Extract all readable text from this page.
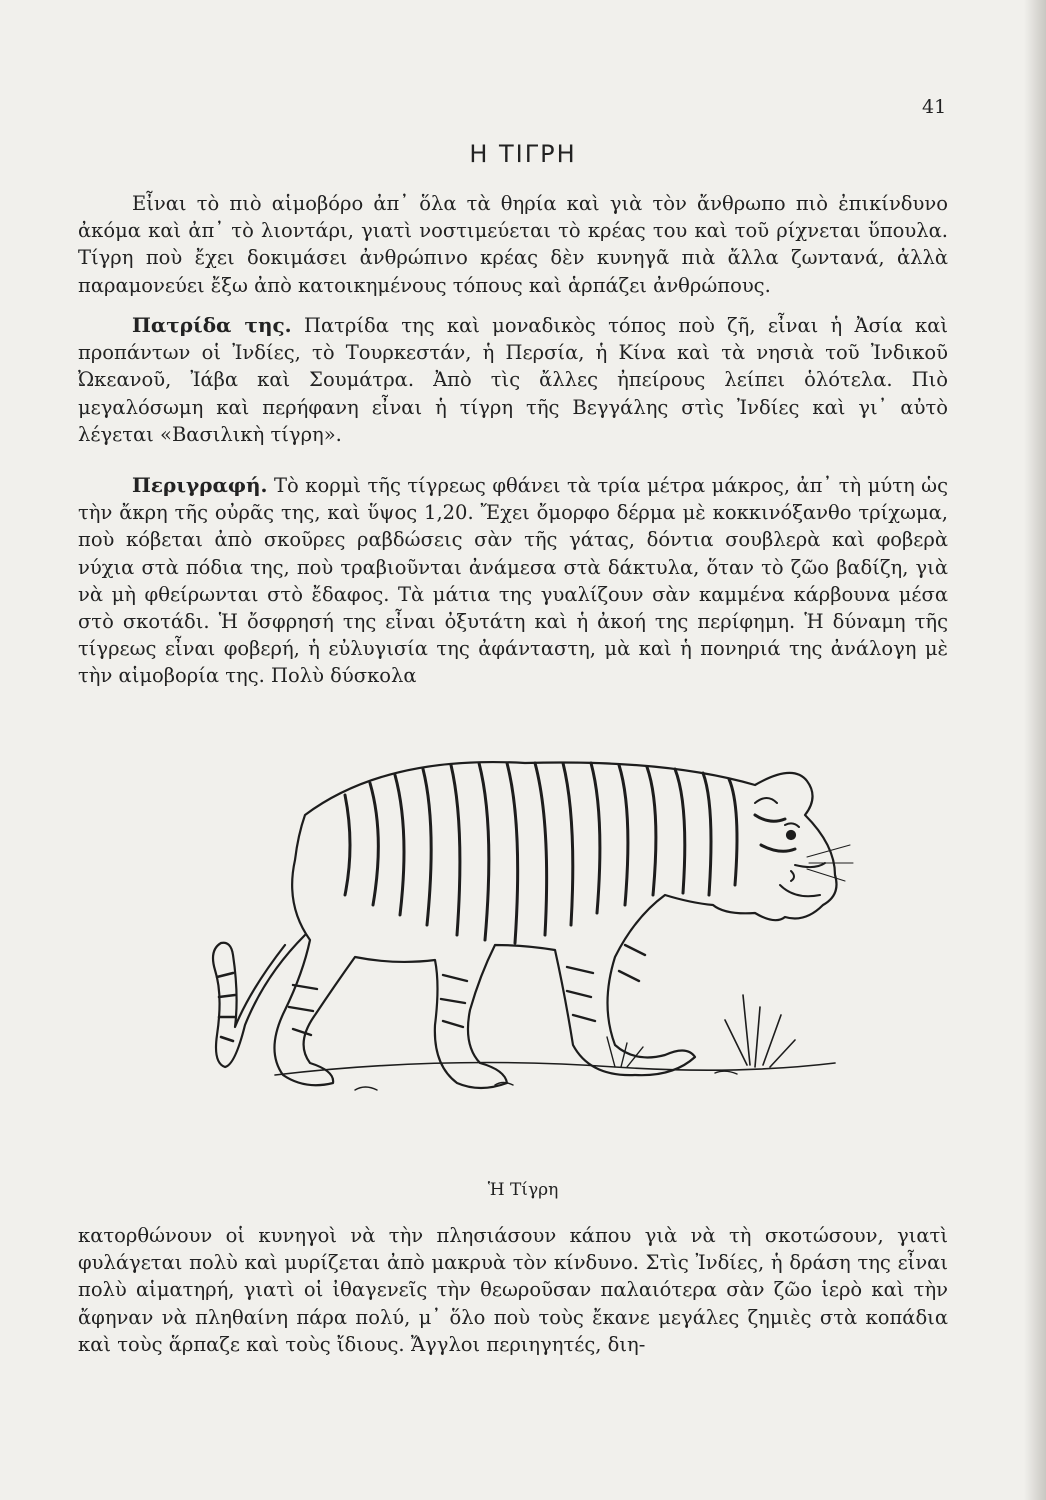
41
Η ΤΙΓΡΗ

Εἶναι τὸ πιὸ αἱμοβόρο ἀπ᾽ ὅλα τὰ θηρία καὶ γιὰ τὸν ἄνθρωπο πιὸ ἐπικίνδυνο ἀκόμα καὶ ἀπ᾽ τὸ λιοντάρι, γιατὶ νοστιμεύεται τὸ κρέας του καὶ τοῦ ρίχνεται ὕπουλα. Τίγρη ποὺ ἔχει δοκιμάσει ἀνθρώπινο κρέας δὲν κυνηγᾶ πιὰ ἄλλα ζωντανά, ἀλλὰ παραμονεύει ἔξω ἀπὸ κατοικημένους τόπους καὶ ἁρπάζει ἀνθρώπους.

Πατρίδα της. Πατρίδα της καὶ μοναδικὸς τόπος ποὺ ζῆ, εἶναι ἡ Ἀσία καὶ προπάντων οἱ Ἰνδίες, τὸ Τουρκεστάν, ἡ Περσία, ἡ Κίνα καὶ τὰ νησιὰ τοῦ Ἰνδικοῦ Ὠκεανοῦ, Ἰάβα καὶ Σουμάτρα. Ἀπὸ τὶς ἄλλες ἠπείρους λείπει ὁλότελα. Πιὸ μεγαλόσωμη καὶ περήφανη εἶναι ἡ τίγρη τῆς Βεγγάλης στὶς Ἰνδίες καὶ γι᾽ αὐτὸ λέγεται «Βασιλικὴ τίγρη».

Περιγραφή. Τὸ κορμὶ τῆς τίγρεως φθάνει τὰ τρία μέτρα μάκρος, ἀπ᾽ τὴ μύτη ὡς τὴν ἄκρη τῆς οὐρᾶς της, καὶ ὕψος 1,20. Ἔχει ὄμορφο δέρμα μὲ κοκκινόξανθο τρίχωμα, ποὺ κόβεται ἀπὸ σκοῦρες ραβδώσεις σὰν τῆς γάτας, δόντια σουβλερὰ καὶ φοβερὰ νύχια στὰ πόδια της, ποὺ τραβιοῦνται ἀνάμεσα στὰ δάκτυλα, ὅταν τὸ ζῶο βαδίζη, γιὰ νὰ μὴ φθείρωνται στὸ ἔδαφος. Τὰ μάτια της γυαλίζουν σὰν καμμένα κάρβουνα μέσα στὸ σκοτάδι. Ἡ ὄσφρησή της εἶναι ὀξυτάτη καὶ ἡ ἀκοή της περίφημη. Ἡ δύναμη τῆς τίγρεως εἶναι φοβερή, ἡ εὐλυγισία της ἀφάνταστη, μὰ καὶ ἡ πονηριά της ἀνάλογη μὲ τὴν αἱμοβορία της. Πολὺ δύσκολα

Ἡ Τίγρη

κατορθώνουν οἱ κυνηγοὶ νὰ τὴν πλησιάσουν κάπου γιὰ νὰ τὴ σκοτώσουν, γιατὶ φυλάγεται πολὺ καὶ μυρίζεται ἀπὸ μακρυὰ τὸν κίνδυνο. Στὶς Ἰνδίες, ἡ δράση της εἶναι πολὺ αἱματηρή, γιατὶ οἱ ἰθαγενεῖς τὴν θεωροῦσαν παλαιότερα σὰν ζῶο ἱερὸ καὶ τὴν ἄφηναν νὰ πληθαίνη πάρα πολύ, μ᾽ ὅλο ποὺ τοὺς ἔκανε μεγάλες ζημιὲς στὰ κοπάδια καὶ τοὺς ἅρπαζε καὶ τοὺς ἴδιους. Ἄγγλοι περιηγητές, διη-
